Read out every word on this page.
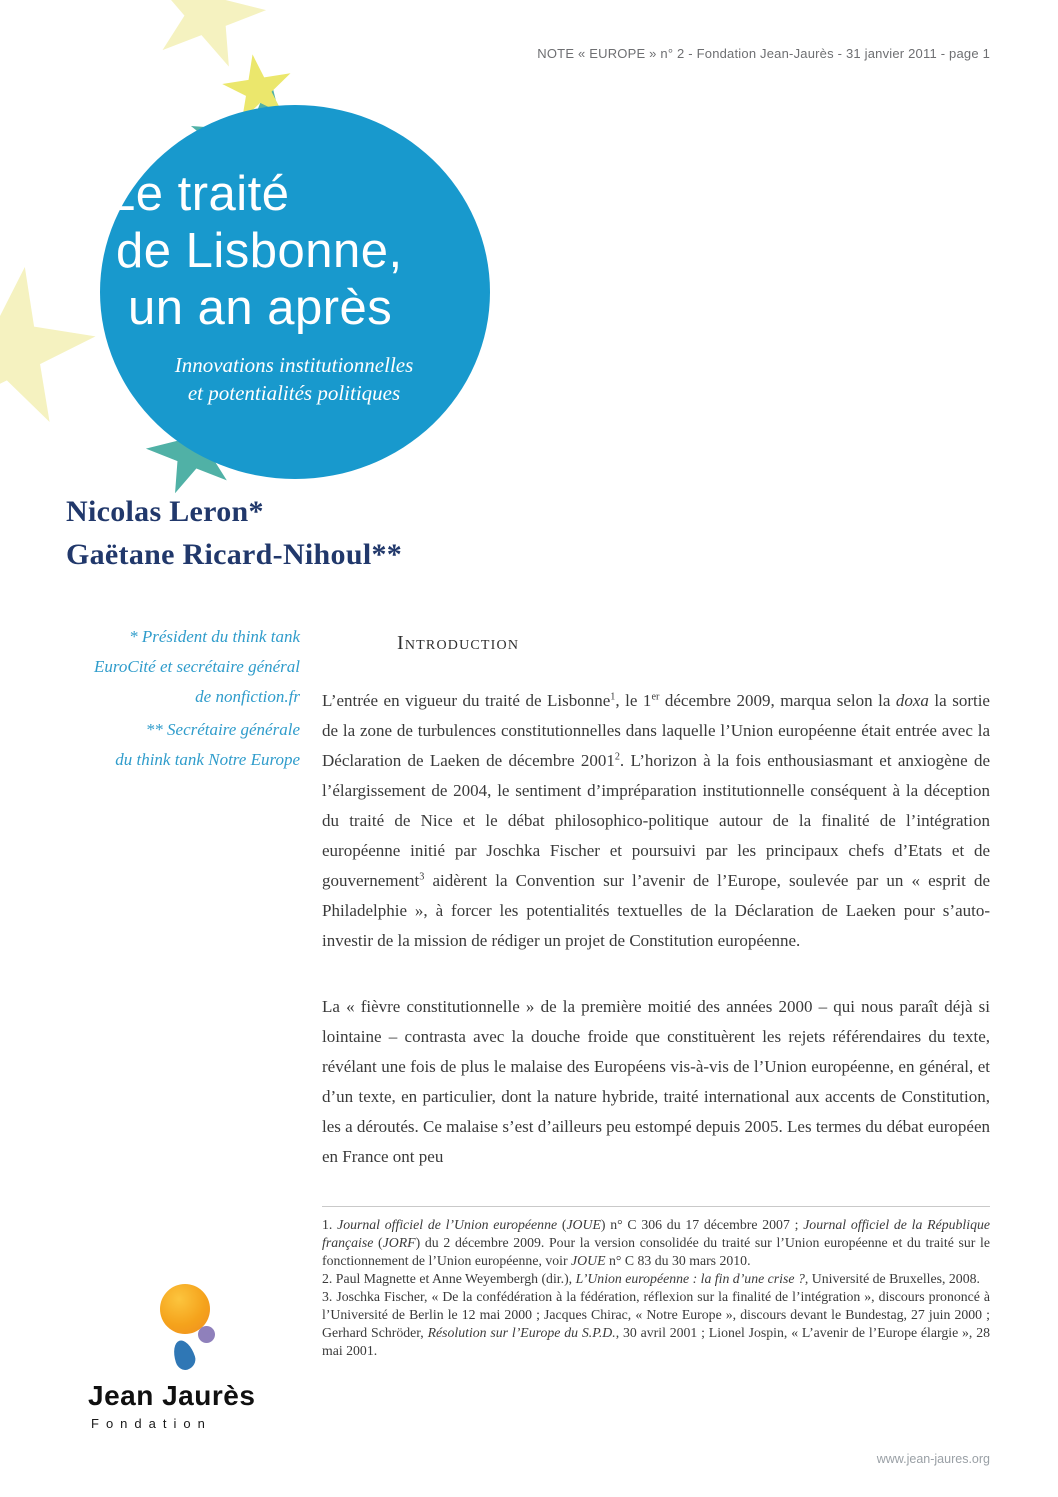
NOTE « EUROPE » n° 2 - Fondation Jean-Jaurès - 31 janvier 2011 - page 1
Le traité
de Lisbonne,
un an après
Innovations institutionnelles
et potentialités politiques
Nicolas Leron*
Gaëtane Ricard-Nihoul**
* Président du think tank
EuroCité et secrétaire général
de nonfiction.fr
** Secrétaire générale
du think tank Notre Europe
Introduction

L’entrée en vigueur du traité de Lisbonne$^1$, le 1er décembre 2009, marqua selon la doxa la sortie de la zone de turbulences constitutionnelles dans laquelle l’Union européenne était entrée avec la Déclaration de Laeken de décembre 2001$^2$. L’horizon à la fois enthousiasmant et anxiogène de l’élargissement de 2004, le sentiment d’impréparation institutionnelle conséquent à la déception du traité de Nice et le débat philosophico-politique autour de la finalité de l’intégration européenne initié par Joschka Fischer et poursuivi par les principaux chefs d’Etats et de gouvernement$^3$ aidèrent la Convention sur l’avenir de l’Europe, soulevée par un « esprit de Philadelphie », à forcer les potentialités textuelles de la Déclaration de Laeken pour s’auto-investir de la mission de rédiger un projet de Constitution européenne.

La « fièvre constitutionnelle » de la première moitié des années 2000 – qui nous paraît déjà si lointaine – contrasta avec la douche froide que constituèrent les rejets référendaires du texte, révélant une fois de plus le malaise des Européens vis-à-vis de l’Union européenne, en général, et d’un texte, en particulier, dont la nature hybride, traité international aux accents de Constitution, les a déroutés. Ce malaise s’est d’ailleurs peu estompé depuis 2005. Les termes du débat européen en France ont peu

1. Journal officiel de l’Union européenne (JOUE) n° C 306 du 17 décembre 2007 ; Journal officiel de la République française (JORF) du 2 décembre 2009. Pour la version consolidée du traité sur l’Union européenne et du traité sur le fonctionnement de l’Union européenne, voir JOUE n° C 83 du 30 mars 2010.

2. Paul Magnette et Anne Weyembergh (dir.), L’Union européenne : la fin d’une crise ?, Université de Bruxelles, 2008.

3. Joschka Fischer, « De la confédération à la fédération, réflexion sur la finalité de l’intégration », discours prononcé à l’Université de Berlin le 12 mai 2000 ; Jacques Chirac, « Notre Europe », discours devant le Bundestag, 27 juin 2000 ; Gerhard Schröder, Résolution sur l’Europe du S.P.D., 30 avril 2001 ; Lionel Jospin, « L’avenir de l’Europe élargie », 28 mai 2001.

Jean Jaurès
Fondation
www.jean-jaures.org
